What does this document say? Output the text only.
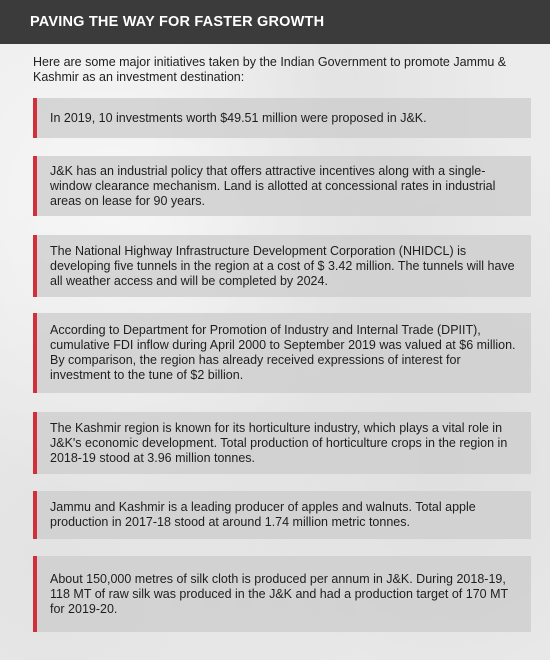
PAVING THE WAY FOR FASTER GROWTH
Here are some major initiatives taken by the Indian Government to promote Jammu & Kashmir as an investment destination:
In 2019, 10 investments worth $49.51 million were proposed in J&K.
J&K has an industrial policy that offers attractive incentives along with a single-window clearance mechanism. Land is allotted at concessional rates in industrial areas on lease for 90 years.
The National Highway Infrastructure Development Corporation (NHIDCL) is developing five tunnels in the region at a cost of $ 3.42 million. The tunnels will have all weather access and will be completed by 2024.
According to Department for Promotion of Industry and Internal Trade (DPIIT), cumulative FDI inflow during April 2000 to September 2019 was valued at $6 million. By comparison, the region has already received expressions of interest for investment to the tune of $2 billion.
The Kashmir region is known for its horticulture industry, which plays a vital role in J&K's economic development. Total production of horticulture crops in the region in 2018-19 stood at 3.96 million tonnes.
Jammu and Kashmir is a leading producer of apples and walnuts. Total apple production in 2017-18 stood at around 1.74 million metric tonnes.
About 150,000 metres of silk cloth is produced per annum in J&K. During 2018-19, 118 MT of raw silk was produced in the J&K and had a production target of 170 MT for 2019-20.
